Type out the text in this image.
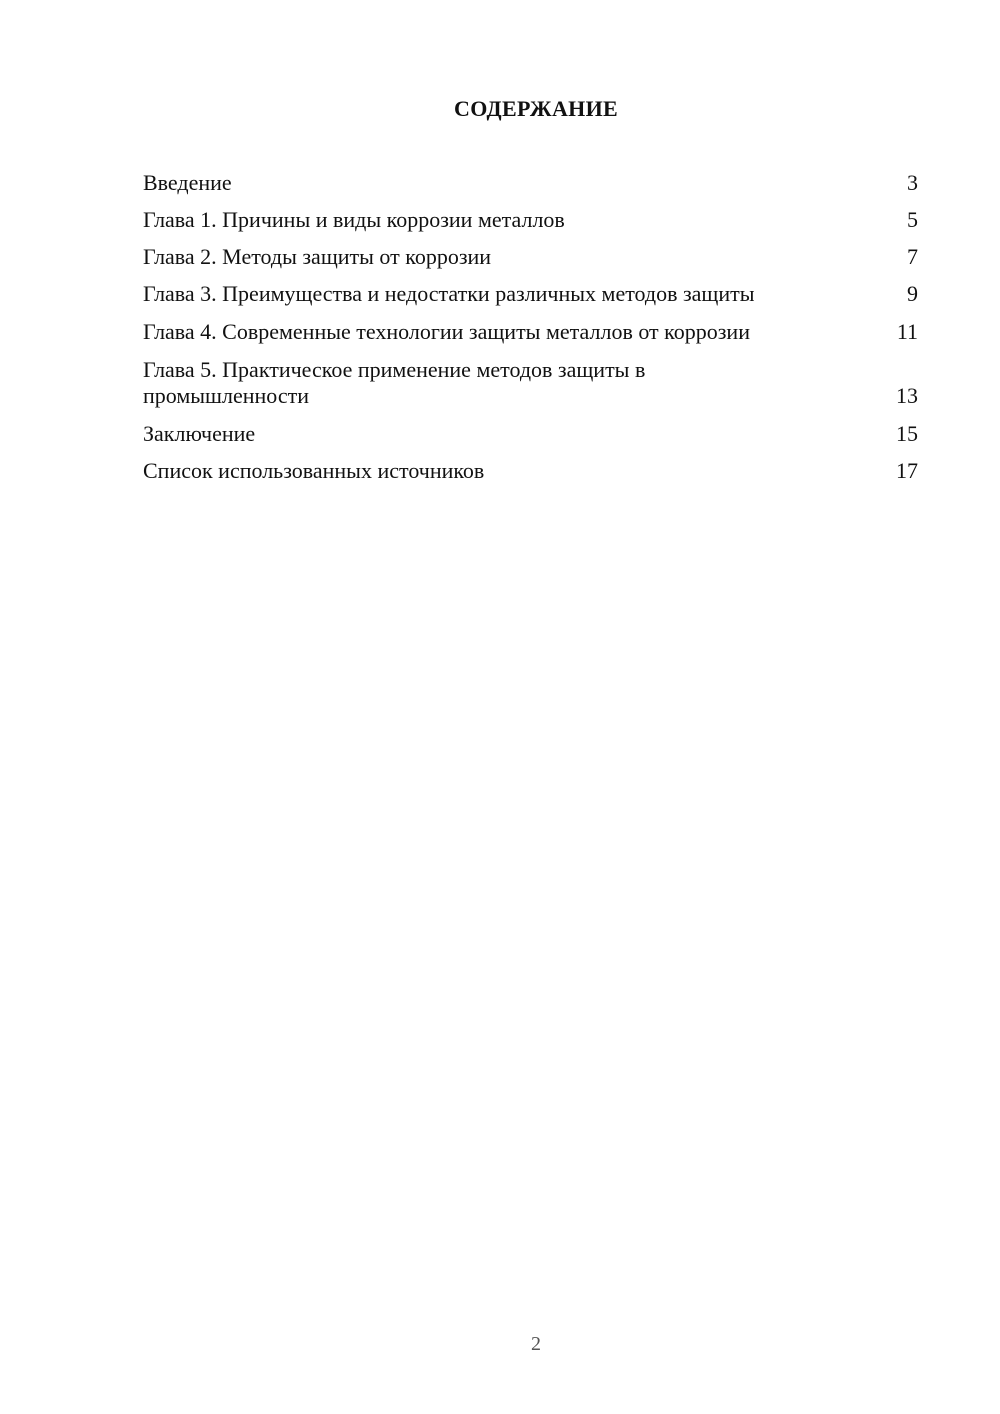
СОДЕРЖАНИЕ
Введение	3
Глава 1. Причины и виды коррозии металлов	5
Глава 2. Методы защиты от коррозии	7
Глава 3. Преимущества и недостатки различных методов защиты	9
Глава 4. Современные технологии защиты металлов от коррозии	11
Глава 5. Практическое применение методов защиты в промышленности	13
Заключение	15
Список использованных источников	17
2
